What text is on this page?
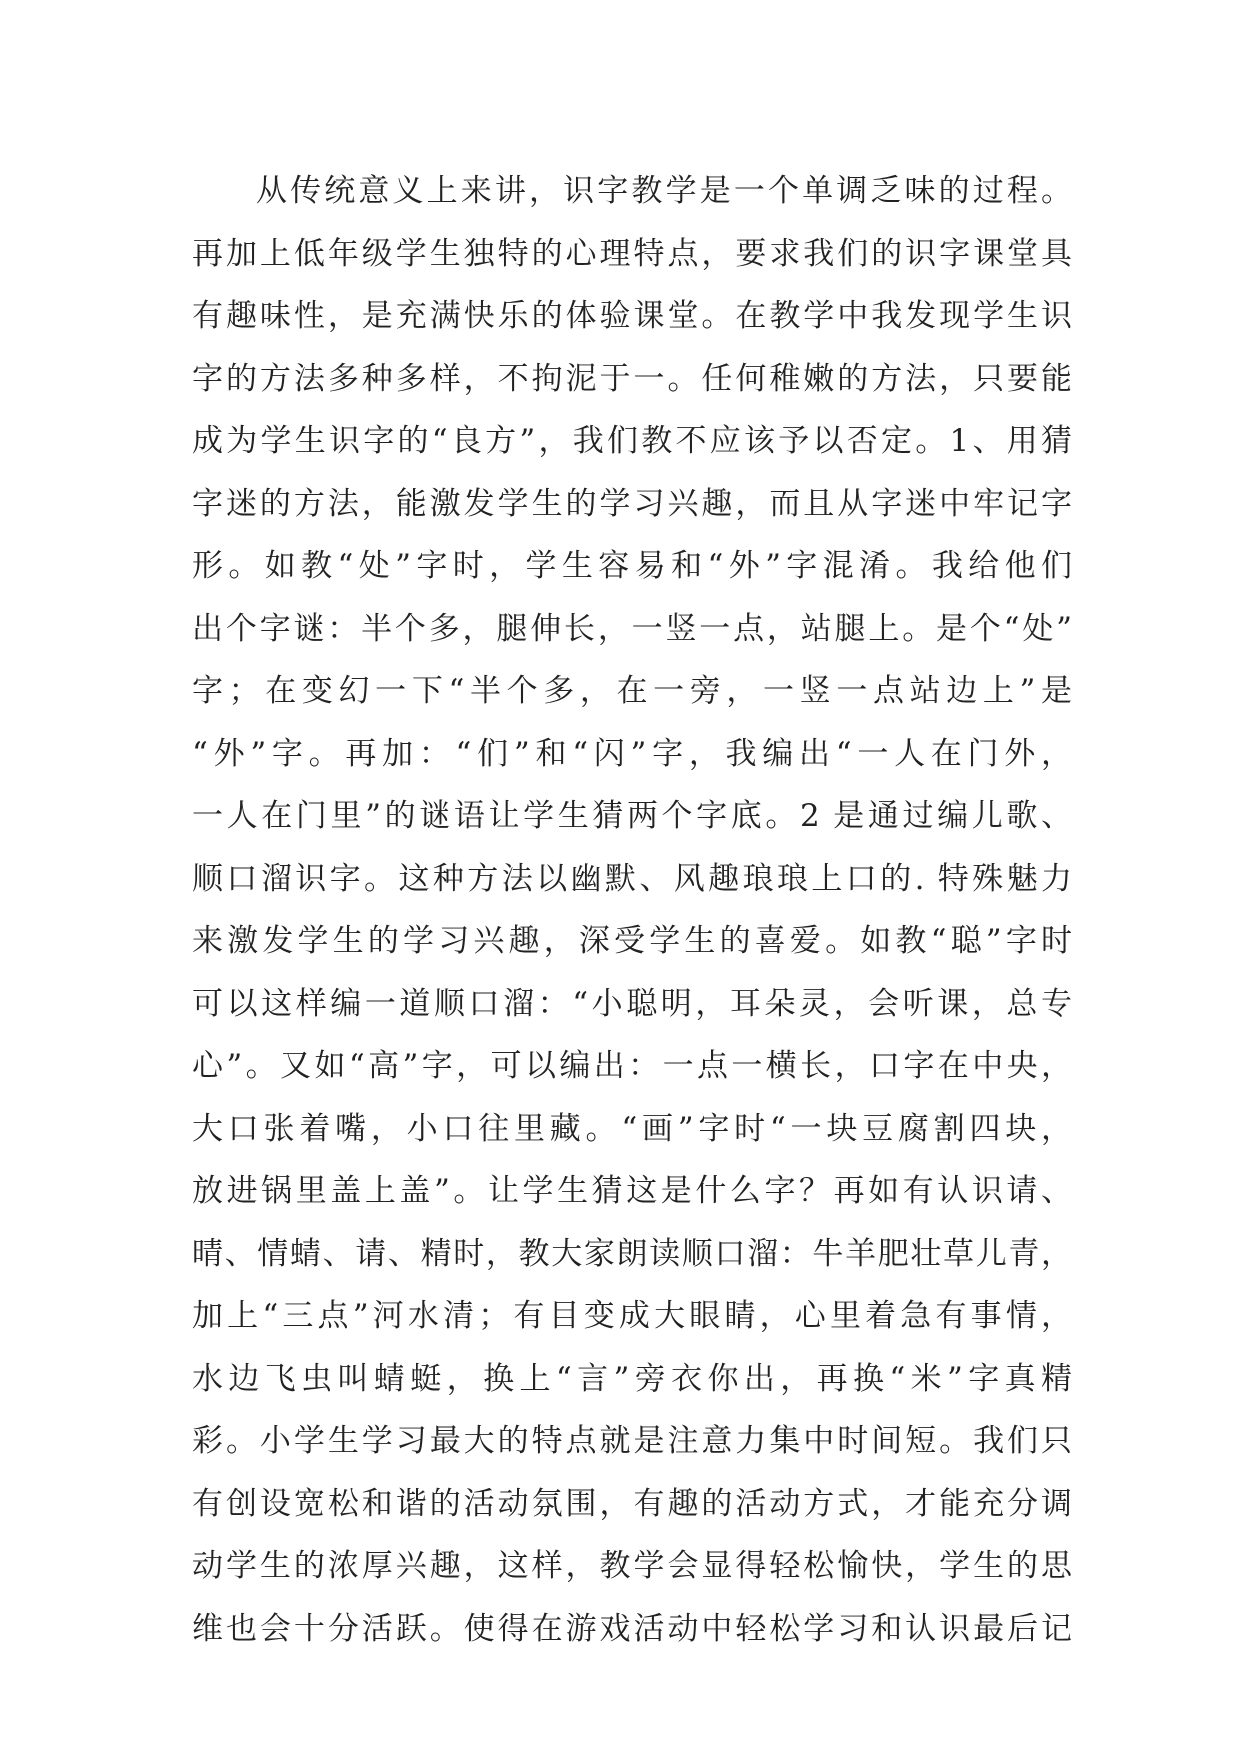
从传统意义上来讲，识字教学是一个单调乏味的过程。
再加上低年级学生独特的心理特点，要求我们的识字课堂具
有趣味性，是充满快乐的体验课堂。在教学中我发现学生识
字的方法多种多样，不拘泥于一。任何稚嫩的方法，只要能
成为学生识字的“良方”，我们教不应该予以否定。1、用猜
字迷的方法，能激发学生的学习兴趣，而且从字迷中牢记字
形。如教“处”字时，学生容易和“外”字混淆。我给他们
出个字谜：半个多，腿伸长，一竖一点，站腿上。是个“处”
字；在变幻一下“半个多，在一旁，一竖一点站边上”是
“外”字。再加：“们”和“闪”字，我编出“一人在门外，
一人在门里”的谜语让学生猜两个字底。2 是通过编儿歌、
顺口溜识字。这种方法以幽默、风趣琅琅上口的. 特殊魅力
来激发学生的学习兴趣，深受学生的喜爱。如教“聪”字时
可以这样编一道顺口溜：“小聪明，耳朵灵，会听课，总专
心”。又如“高”字，可以编出：一点一横长，口字在中央，
大口张着嘴，小口往里藏。“画”字时“一块豆腐割四块，
放进锅里盖上盖”。让学生猜这是什么字？再如有认识请、
晴、情蜻、请、精时，教大家朗读顺口溜：牛羊肥壮草儿青，
加上“三点”河水清；有目变成大眼睛，心里着急有事情，
水边飞虫叫蜻蜓，换上“言”旁衣你出，再换“米”字真精
彩。小学生学习最大的特点就是注意力集中时间短。我们只
有创设宽松和谐的活动氛围，有趣的活动方式，才能充分调
动学生的浓厚兴趣，这样，教学会显得轻松愉快，学生的思
维也会十分活跃。使得在游戏活动中轻松学习和认识最后记
